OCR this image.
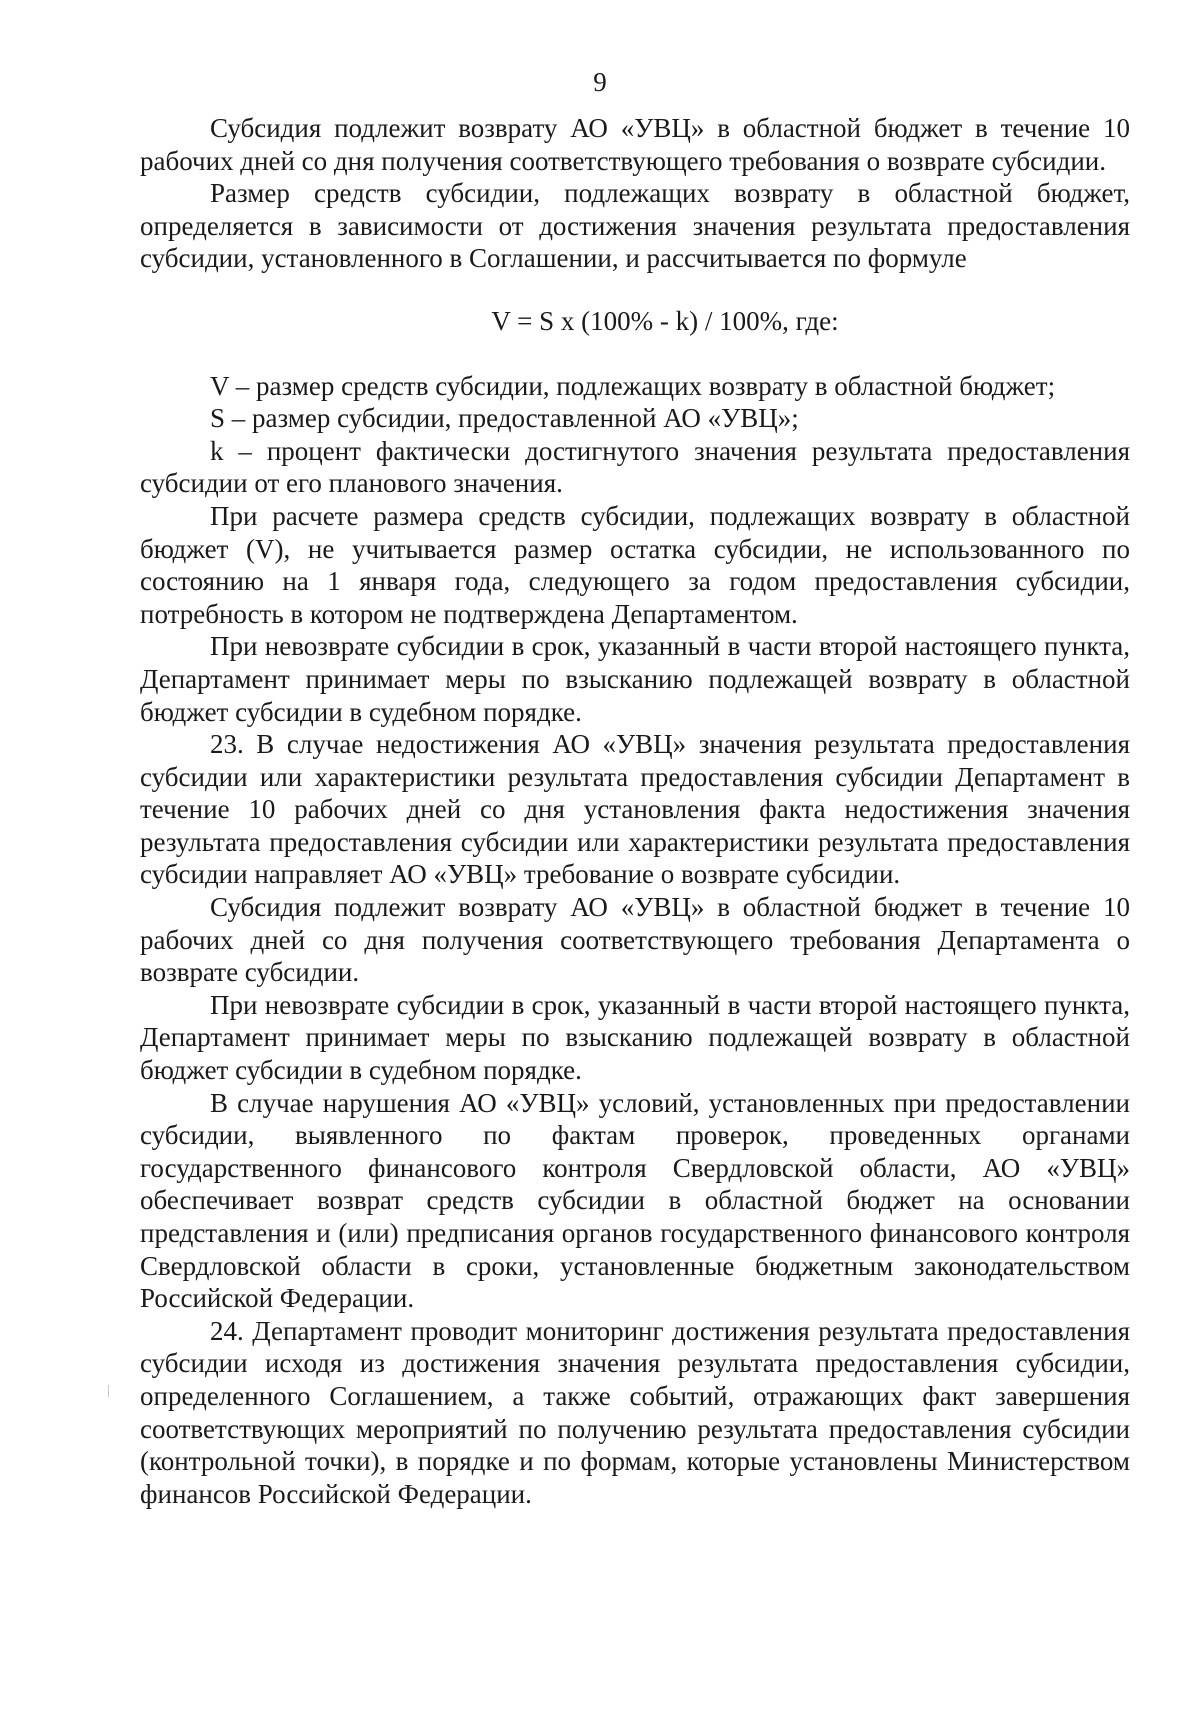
9

Субсидия подлежит возврату АО «УВЦ» в областной бюджет в течение 10 рабочих дней со дня получения соответствующего требования о возврате субсидии.

Размер средств субсидии, подлежащих возврату в областной бюджет, определяется в зависимости от достижения значения результата предоставления субсидии, установленного в Соглашении, и рассчитывается по формуле

V = S x (100% - k) / 100%, где:

V – размер средств субсидии, подлежащих возврату в областной бюджет;

S – размер субсидии, предоставленной АО «УВЦ»;

k – процент фактически достигнутого значения результата предоставления субсидии от его планового значения.

При расчете размера средств субсидии, подлежащих возврату в областной бюджет (V), не учитывается размер остатка субсидии, не использованного по состоянию на 1 января года, следующего за годом предоставления субсидии, потребность в котором не подтверждена Департаментом.

При невозврате субсидии в срок, указанный в части второй настоящего пункта, Департамент принимает меры по взысканию подлежащей возврату в областной бюджет субсидии в судебном порядке.

23. В случае недостижения АО «УВЦ» значения результата предоставления субсидии или характеристики результата предоставления субсидии Департамент в течение 10 рабочих дней со дня установления факта недостижения значения результата предоставления субсидии или характеристики результата предоставления субсидии направляет АО «УВЦ» требование о возврате субсидии.

Субсидия подлежит возврату АО «УВЦ» в областной бюджет в течение 10 рабочих дней со дня получения соответствующего требования Департамента о возврате субсидии.

При невозврате субсидии в срок, указанный в части второй настоящего пункта, Департамент принимает меры по взысканию подлежащей возврату в областной бюджет субсидии в судебном порядке.

В случае нарушения АО «УВЦ» условий, установленных при предоставлении субсидии, выявленного по фактам проверок, проведенных органами государственного финансового контроля Свердловской области, АО «УВЦ» обеспечивает возврат средств субсидии в областной бюджет на основании представления и (или) предписания органов государственного финансового контроля Свердловской области в сроки, установленные бюджетным законодательством Российской Федерации.

24. Департамент проводит мониторинг достижения результата предоставления субсидии исходя из достижения значения результата предоставления субсидии, определенного Соглашением, а также событий, отражающих факт завершения соответствующих мероприятий по получению результата предоставления субсидии (контрольной точки), в порядке и по формам, которые установлены Министерством финансов Российской Федерации.
